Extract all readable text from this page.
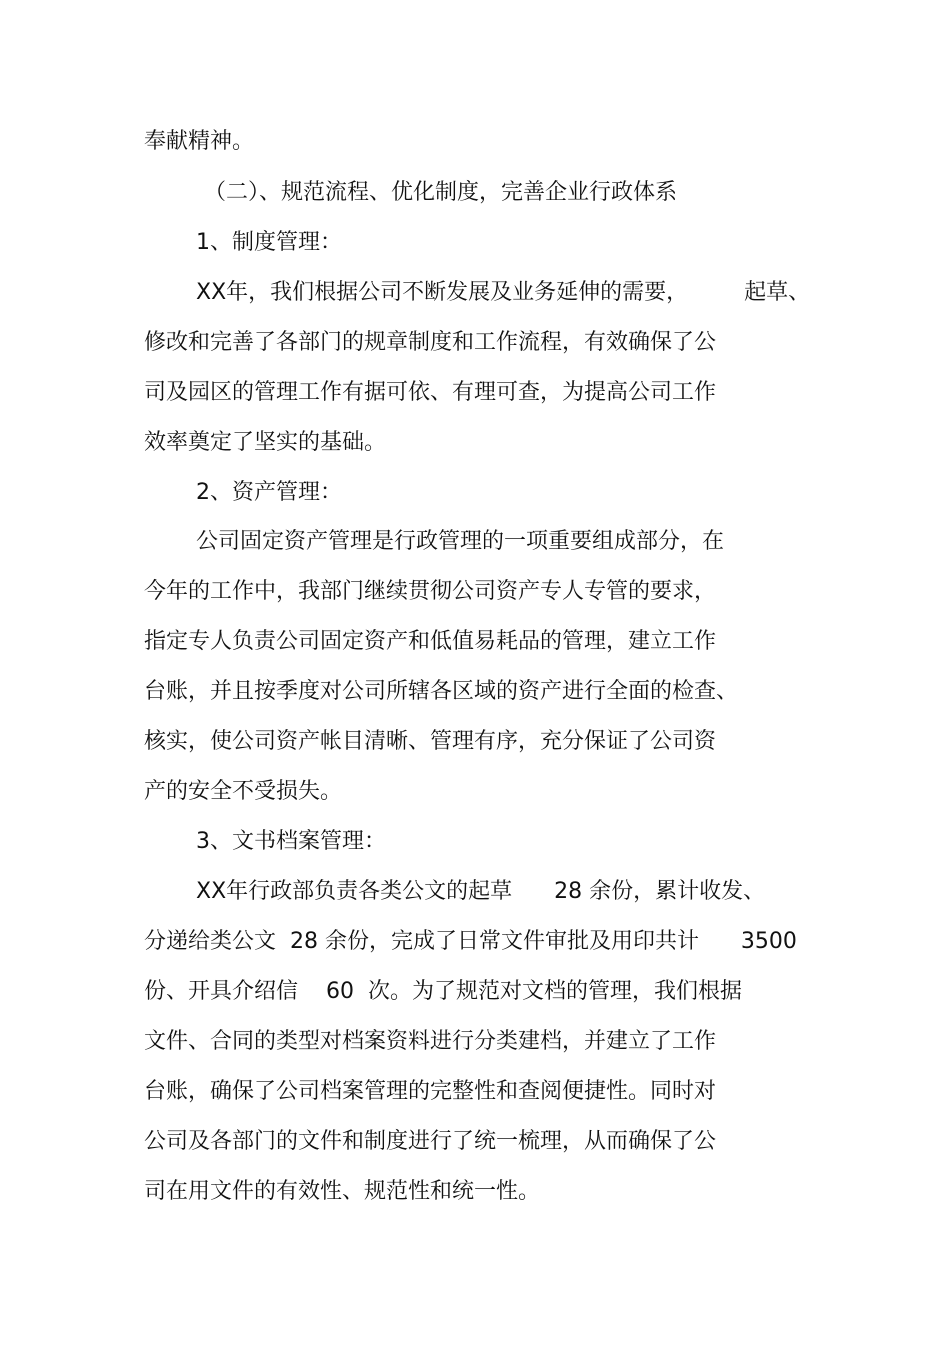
奉献精神。
（二）、规范流程、优化制度，完善企业行政体系
1、制度管理：
XX年，我们根据公司不断发展及业务延伸的需要，        起草、
修改和完善了各部门的规章制度和工作流程，有效确保了公
司及园区的管理工作有据可依、有理可查，为提高公司工作
效率奠定了坚实的基础。
2、资产管理：
公司固定资产管理是行政管理的一项重要组成部分，在
今年的工作中，我部门继续贯彻公司资产专人专管的要求，
指定专人负责公司固定资产和低值易耗品的管理，建立工作
台账，并且按季度对公司所辖各区域的资产进行全面的检查、
核实，使公司资产帐目清晰、管理有序，充分保证了公司资
产的安全不受损失。
3、文书档案管理：
XX年行政部负责各类公文的起草      28 余份，累计收发、
分递给类公文  28 余份，完成了日常文件审批及用印共计      3500
份、开具介绍信    60  次。为了规范对文档的管理，我们根据
文件、合同的类型对档案资料进行分类建档，并建立了工作
台账，确保了公司档案管理的完整性和查阅便捷性。同时对
公司及各部门的文件和制度进行了统一梳理，从而确保了公
司在用文件的有效性、规范性和统一性。
